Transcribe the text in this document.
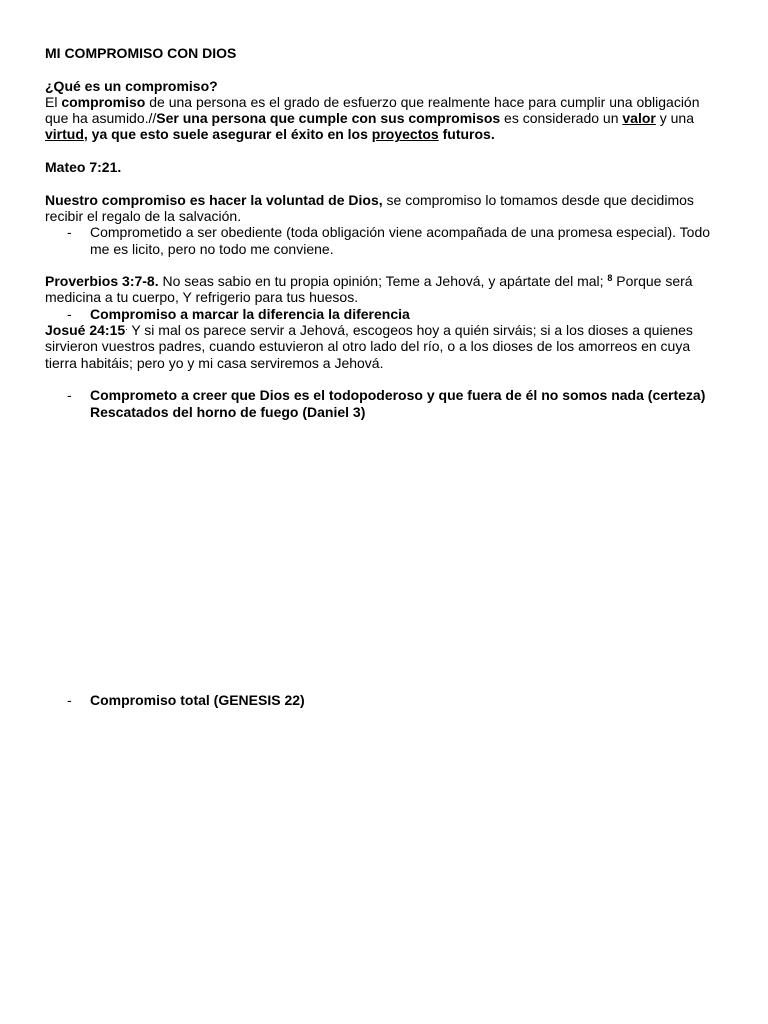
MI COMPROMISO CON DIOS

¿Qué es un compromiso?

El compromiso de una persona es el grado de esfuerzo que realmente hace para cumplir una obligación que ha asumido.//Ser una persona que cumple con sus compromisos es considerado un valor y una virtud, ya que esto suele asegurar el éxito en los proyectos futuros.

Mateo 7:21.

Nuestro compromiso es hacer la voluntad de Dios, se compromiso lo tomamos desde que decidimos recibir el regalo de la salvación.

- Comprometido a ser obediente (toda obligación viene acompañada de una promesa especial). Todo me es licito, pero no todo me conviene.

Proverbios 3:7-8. No seas sabio en tu propia opinión; Teme a Jehová, y apártate del mal; $^8$ Porque será medicina a tu cuerpo, Y refrigerio para tus huesos.

- Compromiso a marcar la diferencia la diferencia

Josué 24:15. Y si mal os parece servir a Jehová, escogeos hoy a quién sirváis; si a los dioses a quienes sirvieron vuestros padres, cuando estuvieron al otro lado del río, o a los dioses de los amorreos en cuya tierra habitáis; pero yo y mi casa serviremos a Jehová.

- Comprometo a creer que Dios es el todopoderoso y que fuera de él no somos nada (certeza)
Rescatados del horno de fuego (Daniel 3)
- Compromiso total (GENESIS 22)
